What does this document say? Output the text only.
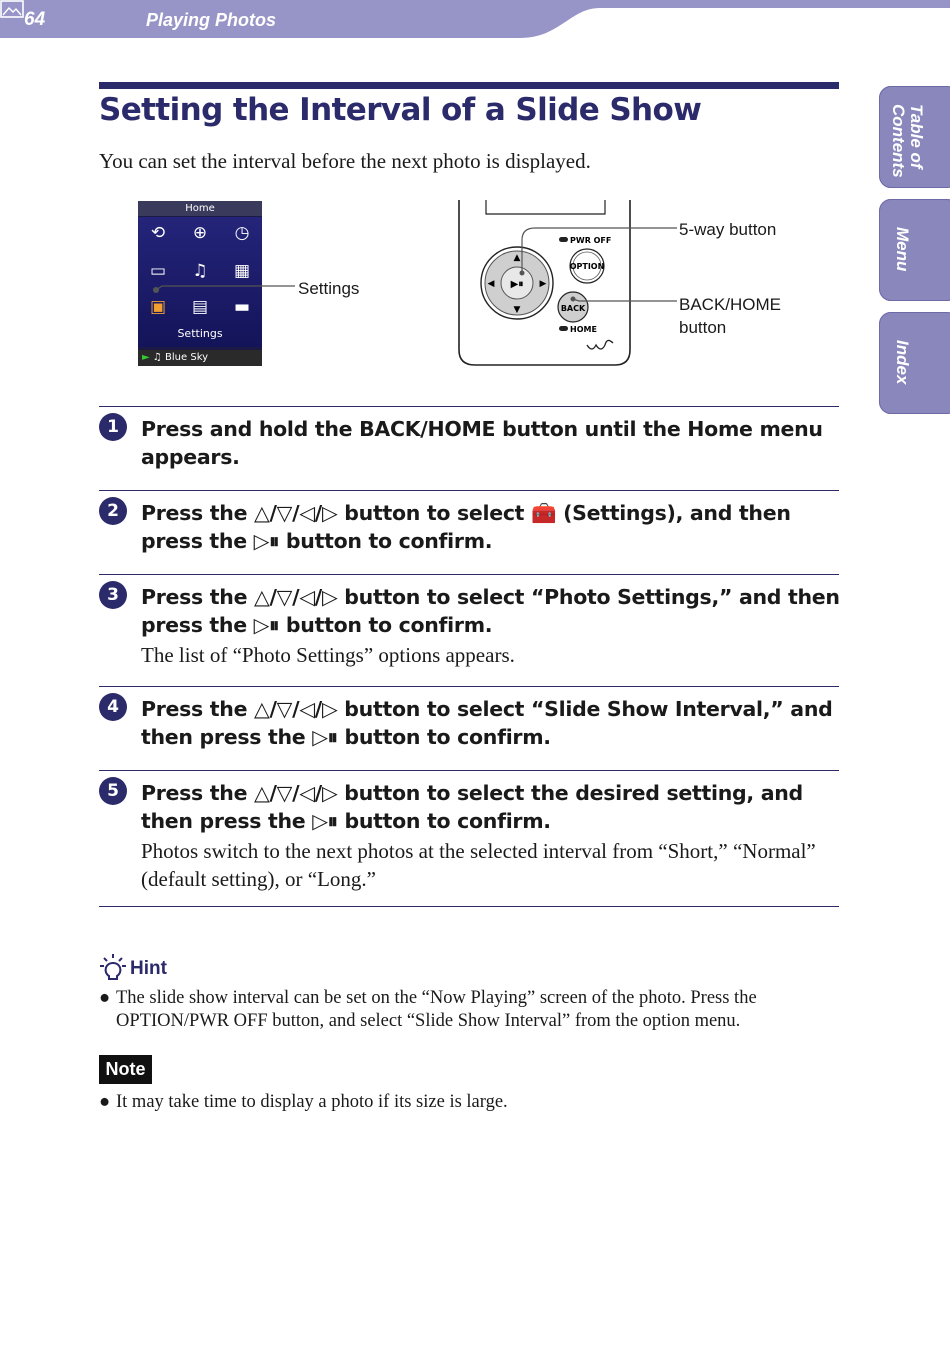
64	Playing Photos
Table of
Contents
Menu
Index
Setting the Interval of a Slide Show

You can set the interval before the next photo is displayed.

Home
⟲ ⊕ ◷
▭ ♫ ▦
▣ ▤ ▬
Settings
► ♫ Blue Sky
Settings	▶⏸
▲
▼
◀	▶
OPTION
BACK
PWR OFF
HOME
5-way button
BACK/HOME
button
1	Press and hold the BACK/HOME button until the Home menu appears.

2	Press the △/▽/◁/▷ button to select 🧰 (Settings), and then press the ▷⏸ button to confirm.

3	Press the △/▽/◁/▷ button to select “Photo Settings,” and then press the ▷⏸ button to confirm.

The list of “Photo Settings” options appears.

4	Press the △/▽/◁/▷ button to select “Slide Show Interval,” and then press the ▷⏸ button to confirm.

5	Press the △/▽/◁/▷ button to select the desired setting, and then press the ▷⏸ button to confirm.

Photos switch to the next photos at the selected interval from “Short,” “Normal” (default setting), or “Long.”

Hint
● The slide show interval can be set on the “Now Playing” screen of the photo. Press the OPTION/PWR OFF button, and select “Slide Show Interval” from the option menu.
Note
● It may take time to display a photo if its size is large.
